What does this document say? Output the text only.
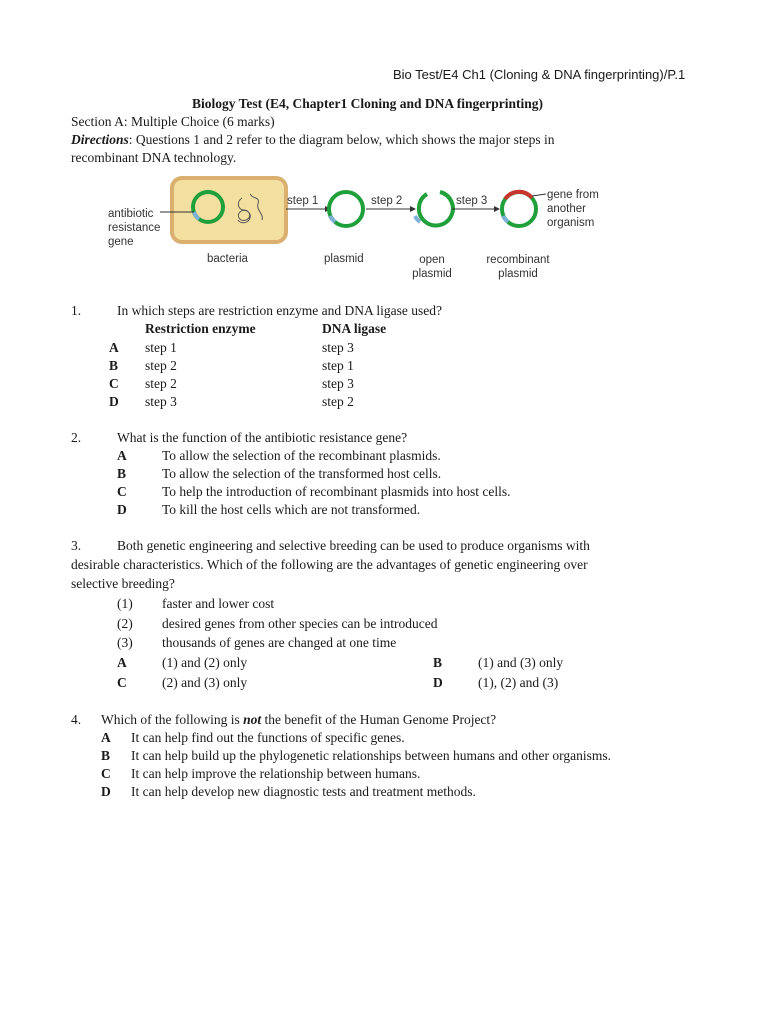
Bio Test/E4 Ch1 (Cloning & DNA fingerprinting)/P.1
Biology Test (E4, Chapter1 Cloning and DNA fingerprinting)
Section A: Multiple Choice (6 marks)
Directions: Questions 1 and 2 refer to the diagram below, which shows the major steps in
recombinant DNA technology.
antibiotic
resistance
gene
step 1	step 2	step 3	gene from
another
organism
bacteria	plasmid	open
plasmid
recombinant
plasmid
1.	In which steps are restriction enzyme and DNA ligase used?
Restriction enzyme	DNA ligase
A step 1	step 3
B step 2	step 1
C step 2	step 3
D step 3	step 2
2.	What is the function of the antibiotic resistance gene?
A	To allow the selection of the recombinant plasmids.
B	To allow the selection of the transformed host cells.
C	To help the introduction of recombinant plasmids into host cells.
D	To kill the host cells which are not transformed.
3.	Both genetic engineering and selective breeding can be used to produce organisms with
desirable characteristics. Which of the following are the advantages of genetic engineering over
selective breeding?
(1) faster and lower cost
(2) desired genes from other species can be introduced
(3) thousands of genes are changed at one time
A	(1) and (2) only	B	(1) and (3) only
C	(2) and (3) only	D	(1), (2) and (3)
4. Which of the following is not the benefit of the Human Genome Project?
A It can help find out the functions of specific genes.
B It can help build up the phylogenetic relationships between humans and other organisms.
C It can help improve the relationship between humans.
D It can help develop new diagnostic tests and treatment methods.
